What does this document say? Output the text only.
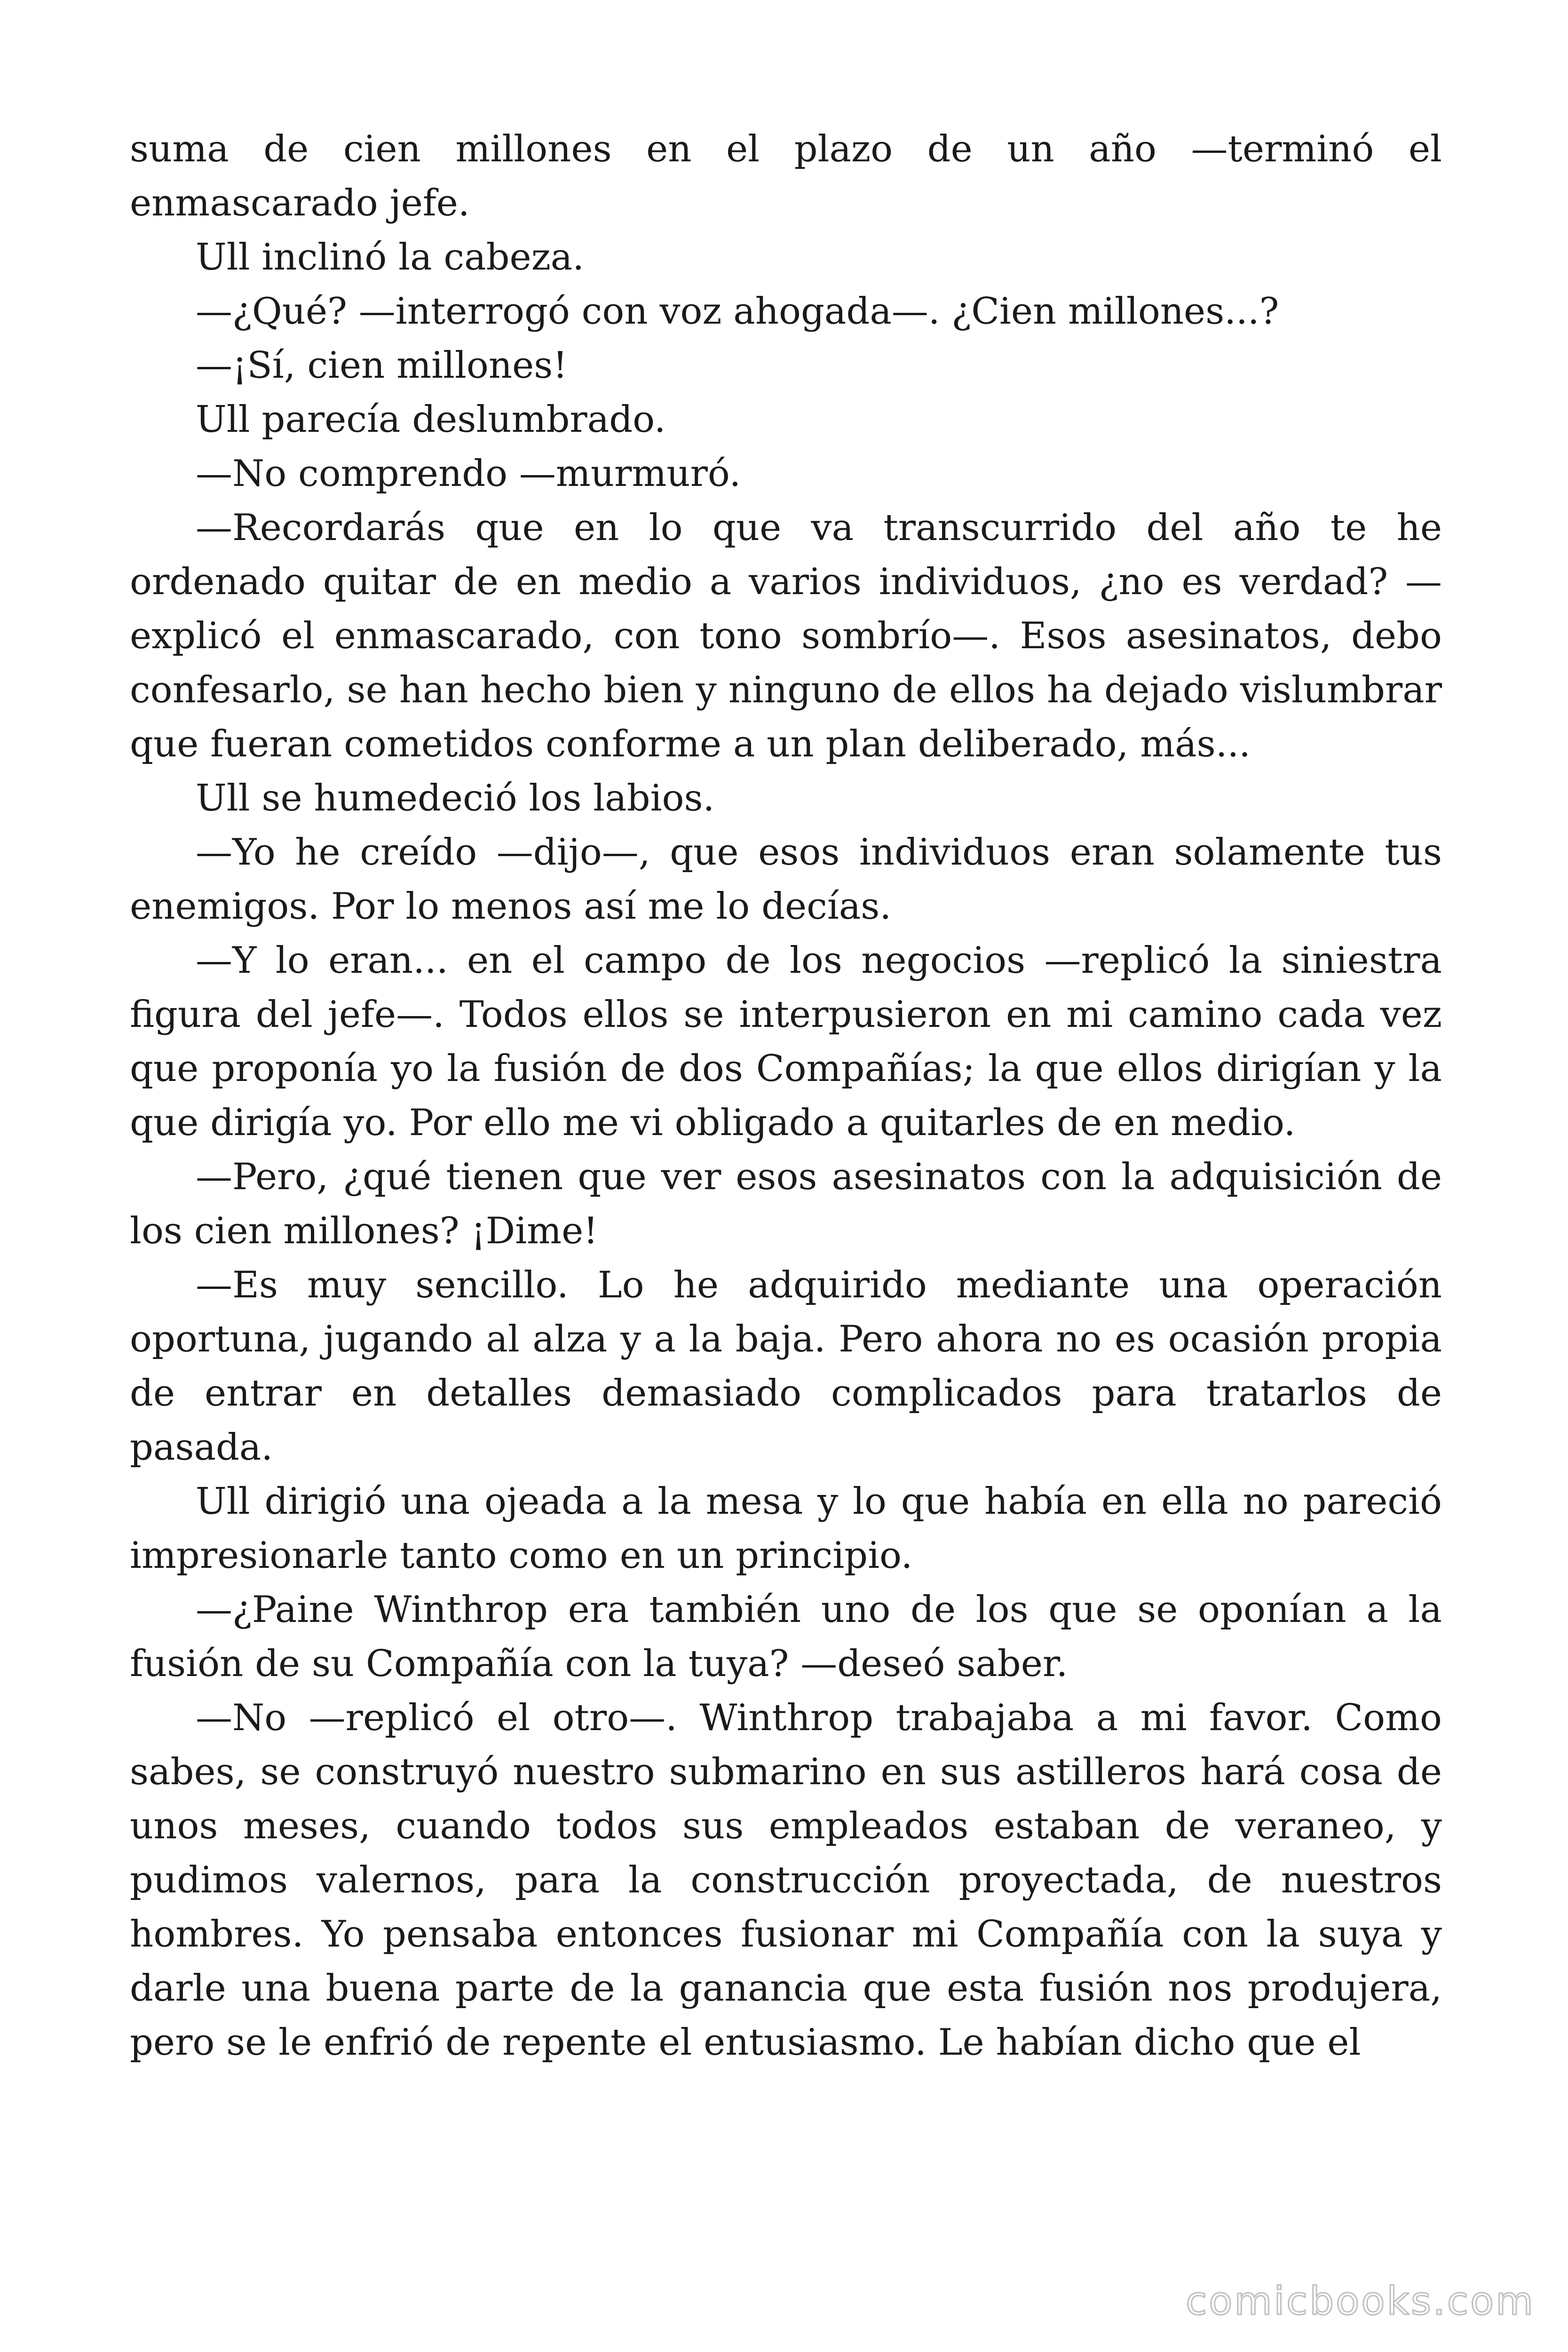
suma de cien millones en el plazo de un año —terminó el enmascarado jefe.

Ull inclinó la cabeza.

—¿Qué? —interrogó con voz ahogada—. ¿Cien millones...?

—¡Sí, cien millones!

Ull parecía deslumbrado.

—No comprendo —murmuró.

—Recordarás que en lo que va transcurrido del año te he ordenado quitar de en medio a varios individuos, ¿no es verdad? —explicó el enmascarado, con tono sombrío—. Esos asesinatos, debo confesarlo, se han hecho bien y ninguno de ellos ha dejado vislumbrar que fueran cometidos conforme a un plan deliberado, más...

Ull se humedeció los labios.

—Yo he creído —dijo—, que esos individuos eran solamente tus enemigos. Por lo menos así me lo decías.

—Y lo eran... en el campo de los negocios —replicó la siniestra figura del jefe—. Todos ellos se interpusieron en mi camino cada vez que proponía yo la fusión de dos Compañías; la que ellos dirigían y la que dirigía yo. Por ello me vi obligado a quitarles de en medio.

—Pero, ¿qué tienen que ver esos asesinatos con la adquisición de los cien millones? ¡Dime!

—Es muy sencillo. Lo he adquirido mediante una operación oportuna, jugando al alza y a la baja. Pero ahora no es ocasión propia de entrar en detalles demasiado complicados para tratarlos de pasada.

Ull dirigió una ojeada a la mesa y lo que había en ella no pareció impresionarle tanto como en un principio.

—¿Paine Winthrop era también uno de los que se oponían a la fusión de su Compañía con la tuya? —deseó saber.

—No —replicó el otro—. Winthrop trabajaba a mi favor. Como sabes, se construyó nuestro submarino en sus astilleros hará cosa de unos meses, cuando todos sus empleados estaban de veraneo, y pudimos valernos, para la construcción proyectada, de nuestros hombres. Yo pensaba entonces fusionar mi Compañía con la suya y darle una buena parte de la ganancia que esta fusión nos produjera, pero se le enfrió de repente el entusiasmo. Le habían dicho que el

comicbooks.com
